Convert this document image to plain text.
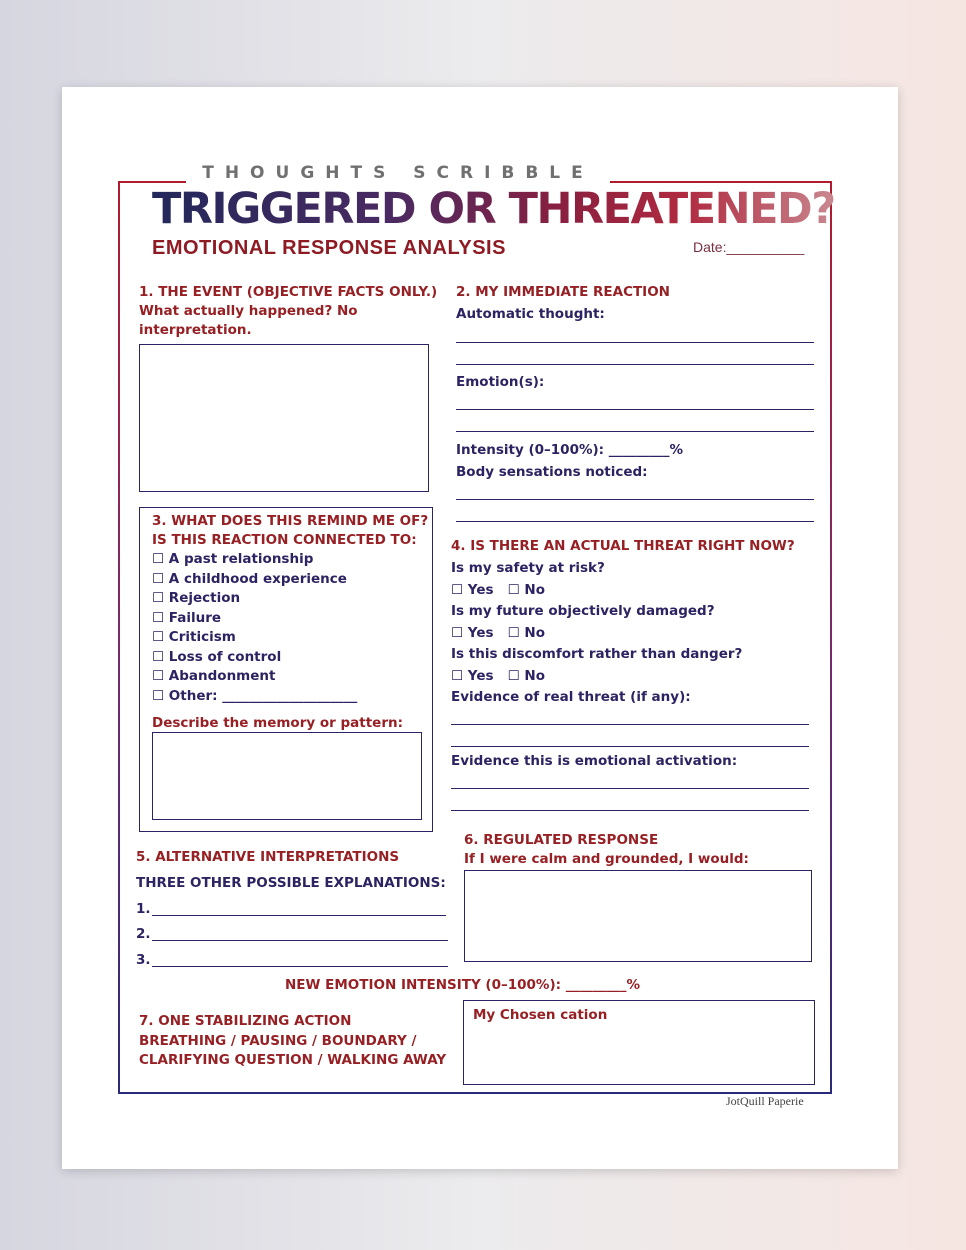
THOUGHTS SCRIBBLE
TRIGGERED OR THREATENED?
EMOTIONAL RESPONSE ANALYSIS	Date:__________
1. THE EVENT (OBJECTIVE FACTS ONLY.)
What actually happened? No
interpretation.
2. MY IMMEDIATE REACTION
Automatic thought:
Emotion(s):
Intensity (0–100%): _________%
Body sensations noticed:
3. WHAT DOES THIS REMIND ME OF?
IS THIS REACTION CONNECTED TO:
☐ A past relationship
☐ A childhood experience
☐ Rejection
☐ Failure
☐ Criticism
☐ Loss of control
☐ Abandonment
☐ Other: ____________________
Describe the memory or pattern:
4. IS THERE AN ACTUAL THREAT RIGHT NOW?
Is my safety at risk?
☐ Yes   ☐ No
Is my future objectively damaged?
☐ Yes   ☐ No
Is this discomfort rather than danger?
☐ Yes   ☐ No
Evidence of real threat (if any):
Evidence this is emotional activation:
5. ALTERNATIVE INTERPRETATIONS
THREE OTHER POSSIBLE EXPLANATIONS:
1.
2.
3.
6. REGULATED RESPONSE
If I were calm and grounded, I would:
NEW EMOTION INTENSITY (0–100%): _________%
7. ONE STABILIZING ACTION
BREATHING / PAUSING / BOUNDARY /
CLARIFYING QUESTION / WALKING AWAY
My Chosen cation
JotQuill Paperie
